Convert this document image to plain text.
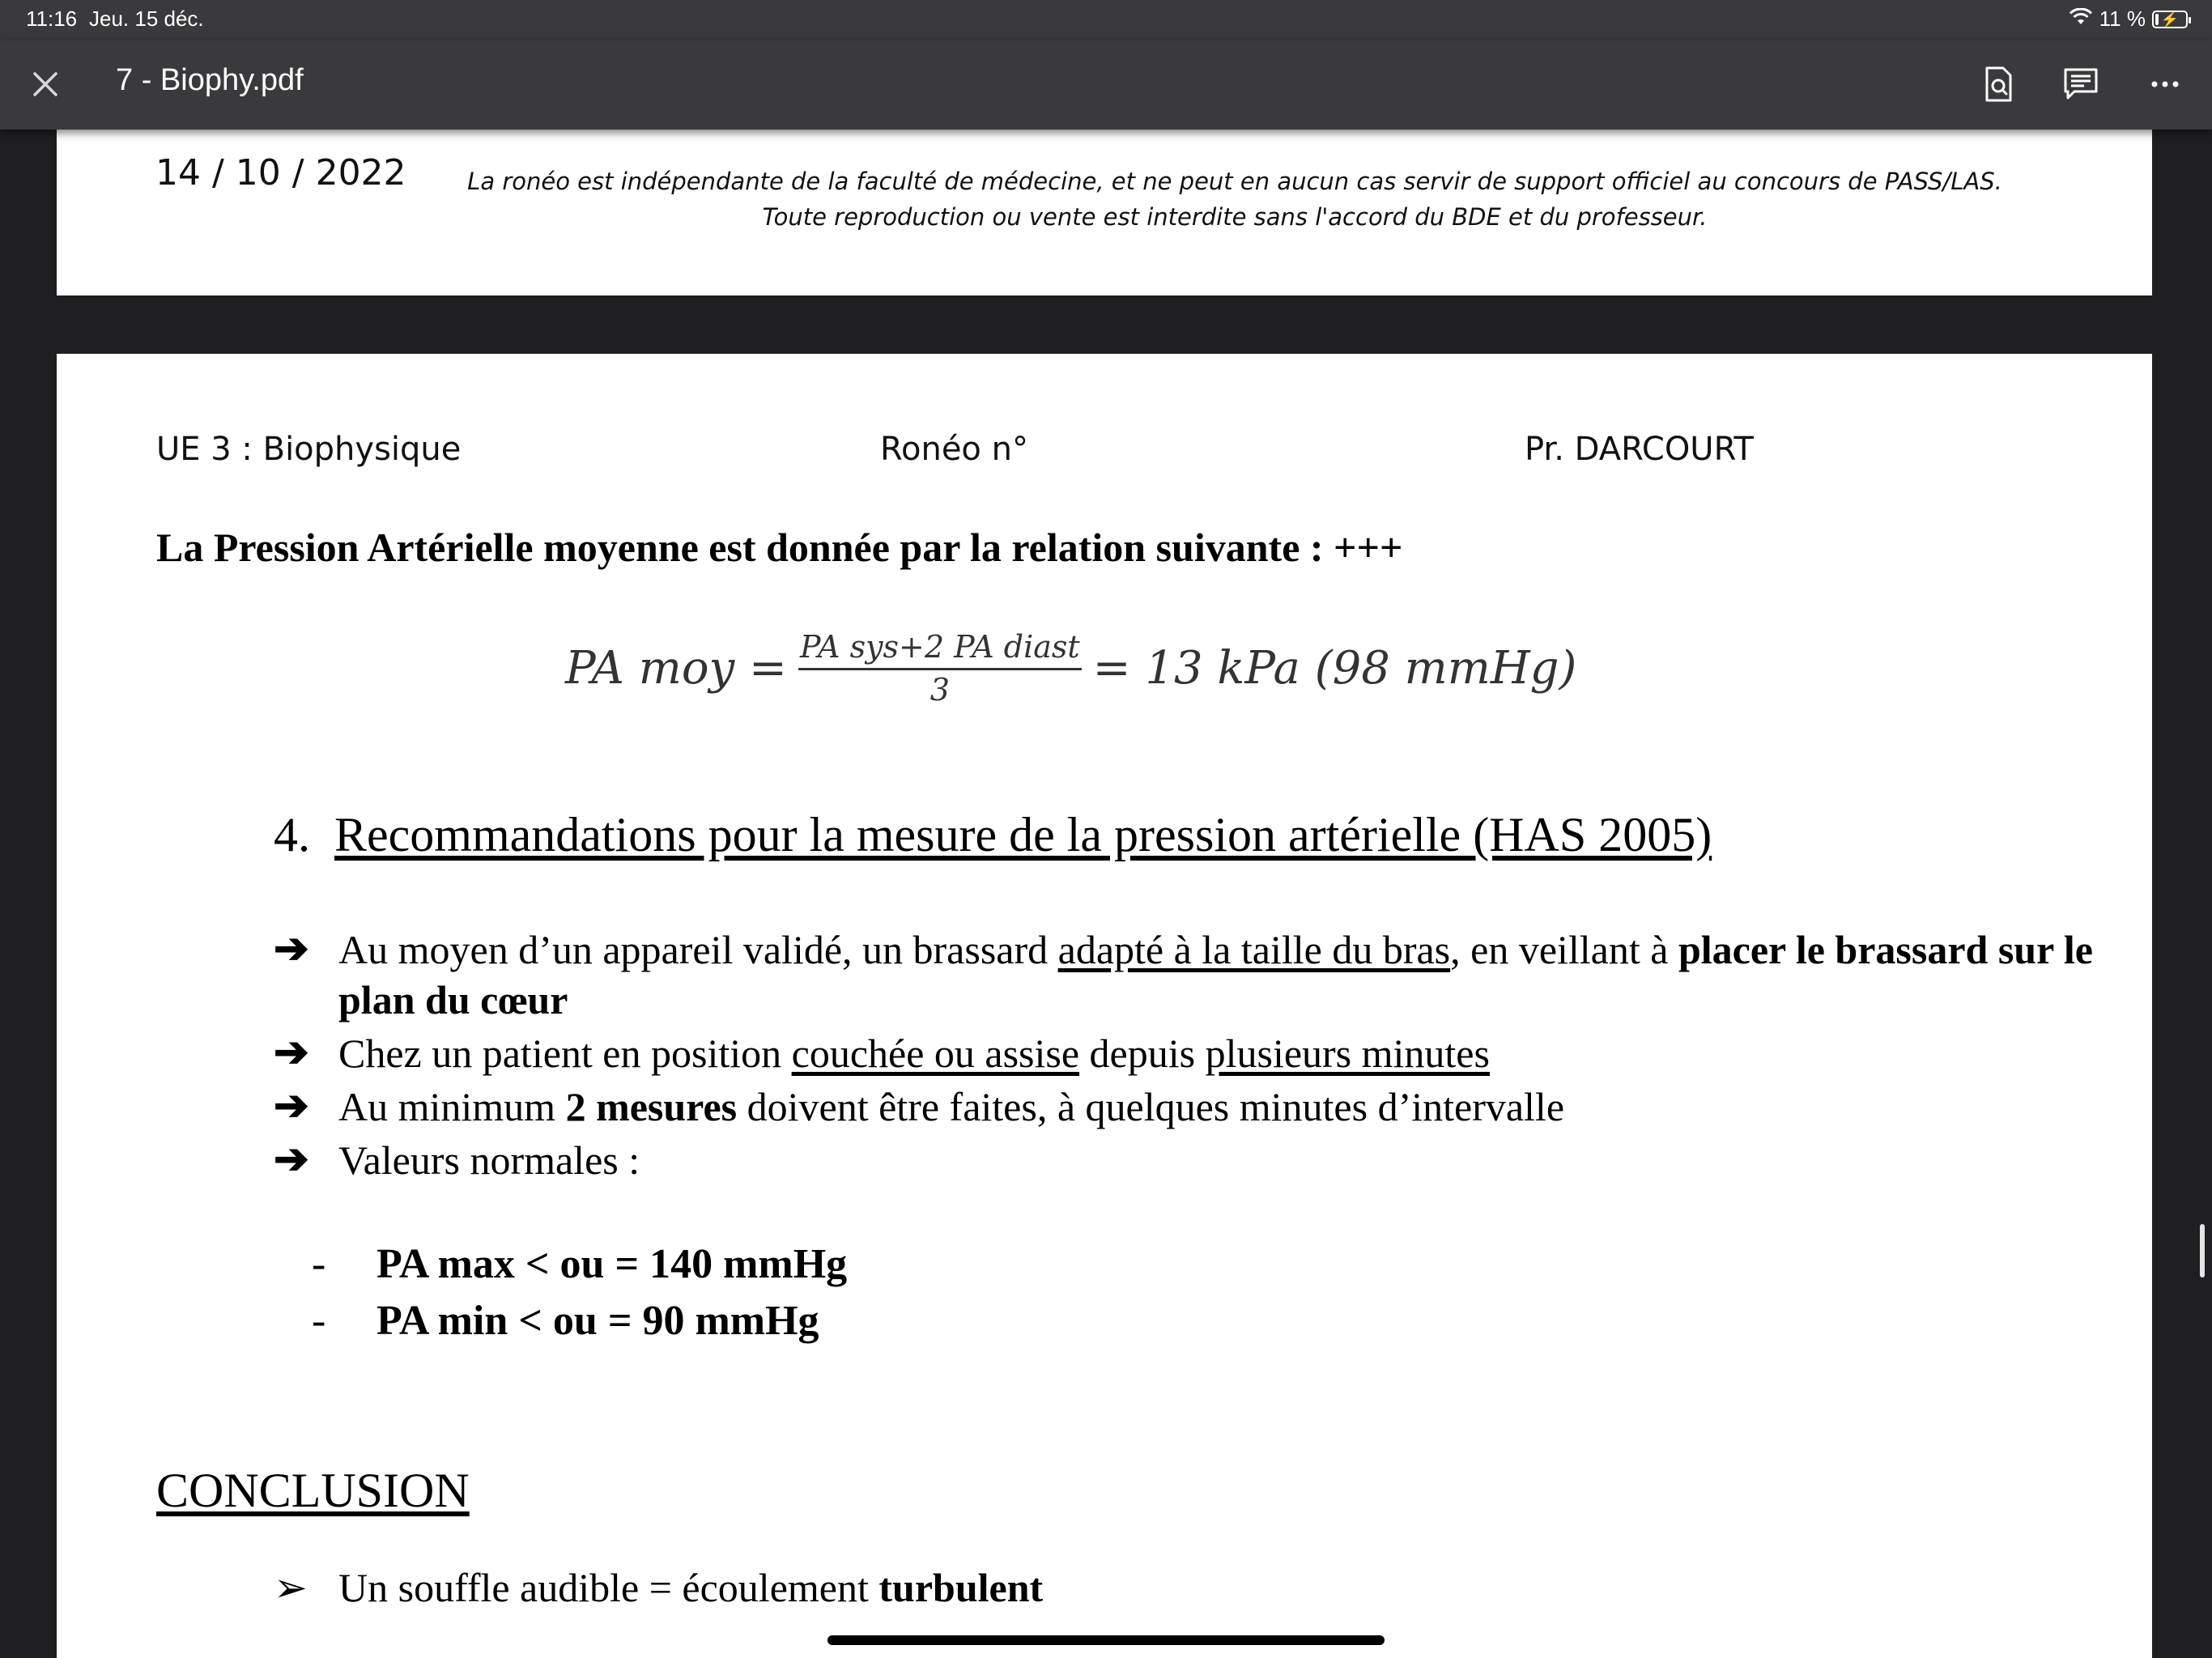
11:16 Jeu. 15 déc.	11 % ⚡
7 - Biophy.pdf
14 / 10 / 2022	La ronéo est indépendante de la faculté de médecine, et ne peut en aucun cas servir de support officiel au concours de PASS/LAS.
Toute reproduction ou vente est interdite sans l'accord du BDE et du professeur.
UE 3 : Biophysique	Ronéo n°	Pr. DARCOURT
La Pression Artérielle moyenne est donnée par la relation suivante : +++
PA moy = $\frac{\text{PA sys+2 PA diast}}{3} = 13$ kPa (98 mmHg)
4. Recommandations pour la mesure de la pression artérielle (HAS 2005)
➔ Au moyen d’un appareil validé, un brassard adapté à la taille du bras, en veillant à placer le brassard sur le plan du cœur
➔ Chez un patient en position couchée ou assise depuis plusieurs minutes
➔ Au minimum 2 mesures doivent être faites, à quelques minutes d’intervalle
➔ Valeurs normales :
- PA max < ou = 140 mmHg
- PA min < ou = 90 mmHg
CONCLUSION
➢ Un souffle audible = écoulement turbulent
